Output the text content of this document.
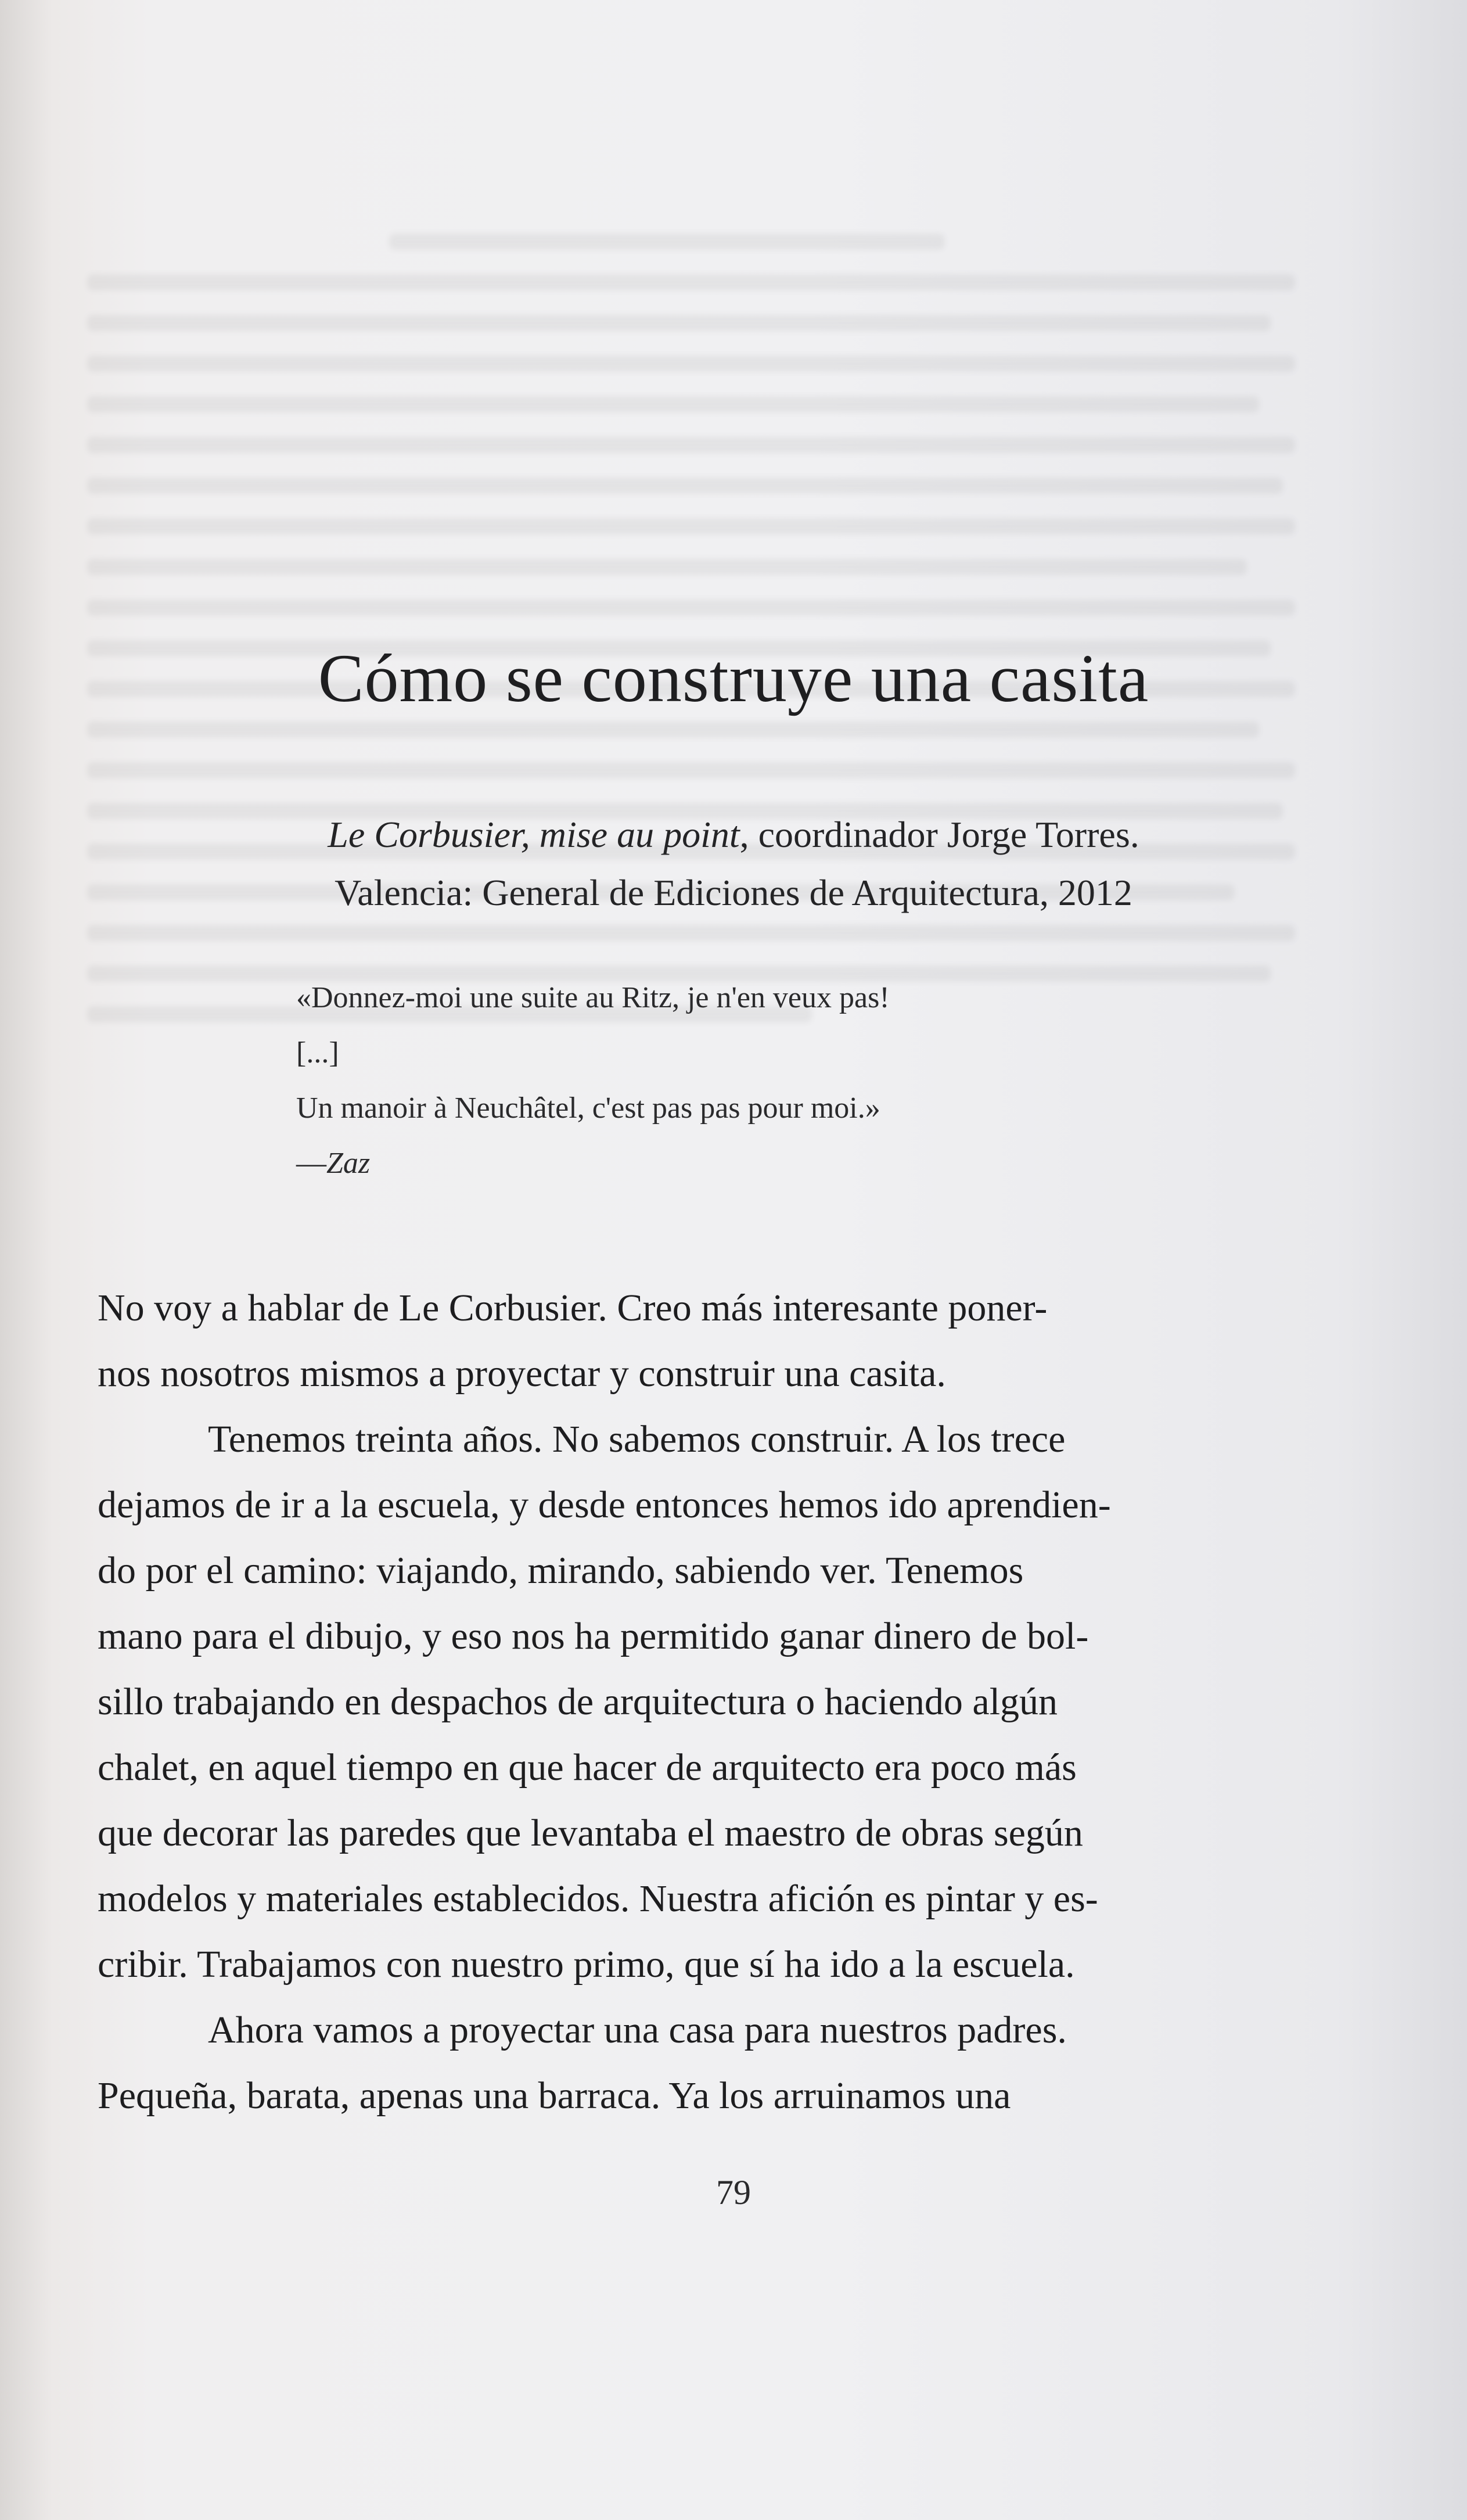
Cómo se construye una casita

Le Corbusier, mise au point, coordinador Jorge Torres.

Valencia: General de Ediciones de Arquitectura, 2012

«Donnez-moi une suite au Ritz, je n'en veux pas!

[...]

Un manoir à Neuchâtel, c'est pas pas pour moi.»

—Zaz

No voy a hablar de Le Corbusier. Creo más interesante poner-

nos nosotros mismos a proyectar y construir una casita.

Tenemos treinta años. No sabemos construir. A los trece

dejamos de ir a la escuela, y desde entonces hemos ido aprendien-

do por el camino: viajando, mirando, sabiendo ver. Tenemos

mano para el dibujo, y eso nos ha permitido ganar dinero de bol-

sillo trabajando en despachos de arquitectura o haciendo algún

chalet, en aquel tiempo en que hacer de arquitecto era poco más

que decorar las paredes que levantaba el maestro de obras según

modelos y materiales establecidos. Nuestra afición es pintar y es-

cribir. Trabajamos con nuestro primo, que sí ha ido a la escuela.

Ahora vamos a proyectar una casa para nuestros padres.

Pequeña, barata, apenas una barraca. Ya los arruinamos una

79
